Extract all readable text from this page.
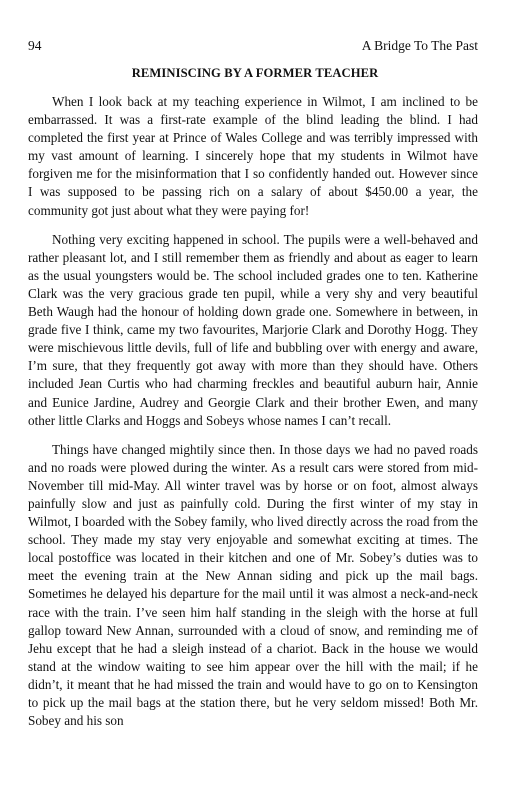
94	A Bridge To The Past
REMINISCING BY A FORMER TEACHER

When I look back at my teaching experience in Wilmot, I am inclined to be embarrassed. It was a first-rate example of the blind leading the blind. I had completed the first year at Prince of Wales College and was terribly impressed with my vast amount of learning. I sincerely hope that my students in Wilmot have forgiven me for the misinformation that I so confidently handed out. However since I was supposed to be passing rich on a salary of about $450.00 a year, the community got just about what they were paying for!

Nothing very exciting happened in school. The pupils were a well-behaved and rather pleasant lot, and I still remember them as friendly and about as eager to learn as the usual youngsters would be. The school included grades one to ten. Katherine Clark was the very gracious grade ten pupil, while a very shy and very beautiful Beth Waugh had the honour of holding down grade one. Somewhere in between, in grade five I think, came my two favourites, Marjorie Clark and Dorothy Hogg. They were mischievous little devils, full of life and bubbling over with energy and aware, I’m sure, that they frequently got away with more than they should have. Others included Jean Curtis who had charming freckles and beautiful auburn hair, Annie and Eunice Jardine, Audrey and Georgie Clark and their brother Ewen, and many other little Clarks and Hoggs and Sobeys whose names I can’t recall.

Things have changed mightily since then. In those days we had no paved roads and no roads were plowed during the winter. As a result cars were stored from mid-November till mid-May. All winter travel was by horse or on foot, almost always painfully slow and just as painfully cold. During the first winter of my stay in Wilmot, I boarded with the Sobey family, who lived directly across the road from the school. They made my stay very enjoyable and somewhat exciting at times. The local postoffice was located in their kitchen and one of Mr. Sobey’s duties was to meet the evening train at the New Annan siding and pick up the mail bags. Sometimes he delayed his departure for the mail until it was almost a neck-and-neck race with the train. I’ve seen him half standing in the sleigh with the horse at full gallop toward New Annan, surrounded with a cloud of snow, and reminding me of Jehu except that he had a sleigh instead of a chariot. Back in the house we would stand at the window waiting to see him appear over the hill with the mail; if he didn’t, it meant that he had missed the train and would have to go on to Kensington to pick up the mail bags at the station there, but he very seldom missed! Both Mr. Sobey and his son
